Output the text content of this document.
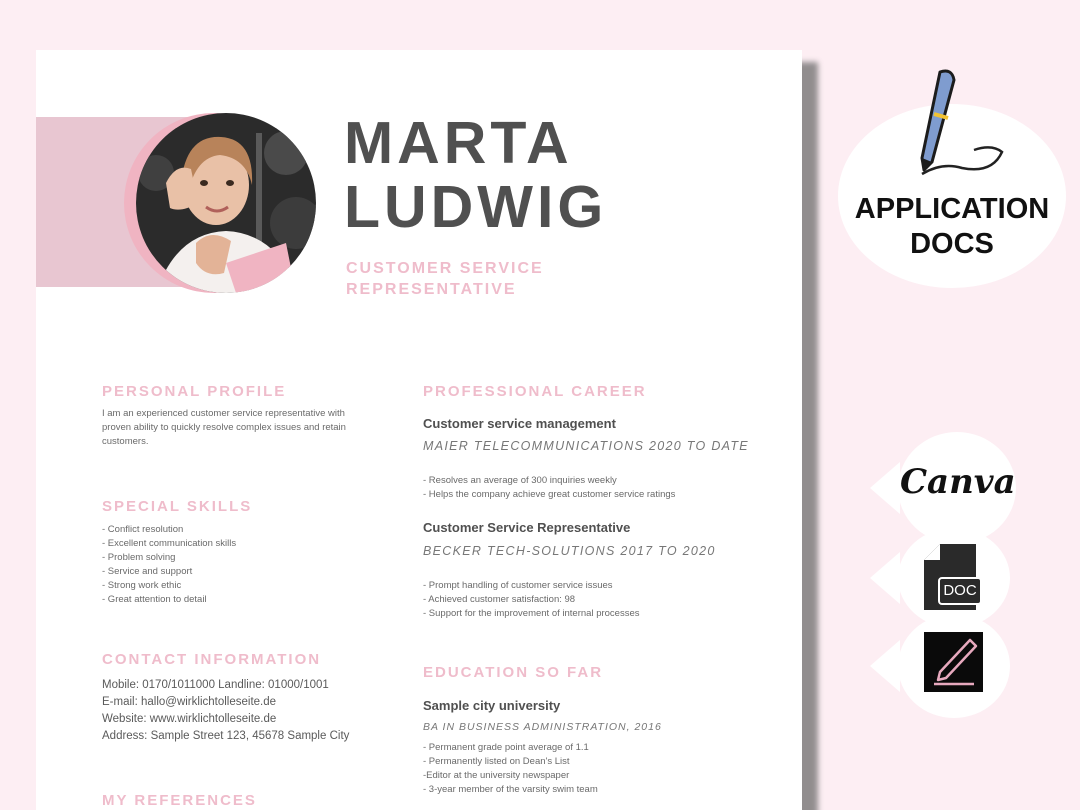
MARTA
LUDWIG
CUSTOMER SERVICE
REPRESENTATIVE
PERSONAL PROFILE
I am an experienced customer service representative with
proven ability to quickly resolve complex issues and retain
customers.
SPECIAL SKILLS
- Conflict resolution
- Excellent communication skills
- Problem solving
- Service and support
- Strong work ethic
- Great attention to detail
CONTACT INFORMATION
Mobile: 0170/1011000 Landline: 01000/1001
E-mail: hallo@wirklichtolleseite.de
Website: www.wirklichtolleseite.de
Address: Sample Street 123, 45678 Sample City
MY REFERENCES
PROFESSIONAL CAREER
Customer service management
MAIER TELECOMMUNICATIONS 2020 TO DATE
- Resolves an average of 300 inquiries weekly
- Helps the company achieve great customer service ratings
Customer Service Representative
BECKER TECH-SOLUTIONS 2017 TO 2020
- Prompt handling of customer service issues
- Achieved customer satisfaction: 98
- Support for the improvement of internal processes
EDUCATION SO FAR
Sample city university
BA IN BUSINESS ADMINISTRATION, 2016
- Permanent grade point average of 1.1
- Permanently listed on Dean's List
-Editor at the university newspaper
- 3-year member of the varsity swim team
APPLICATION
DOCS
Canva
DOC
